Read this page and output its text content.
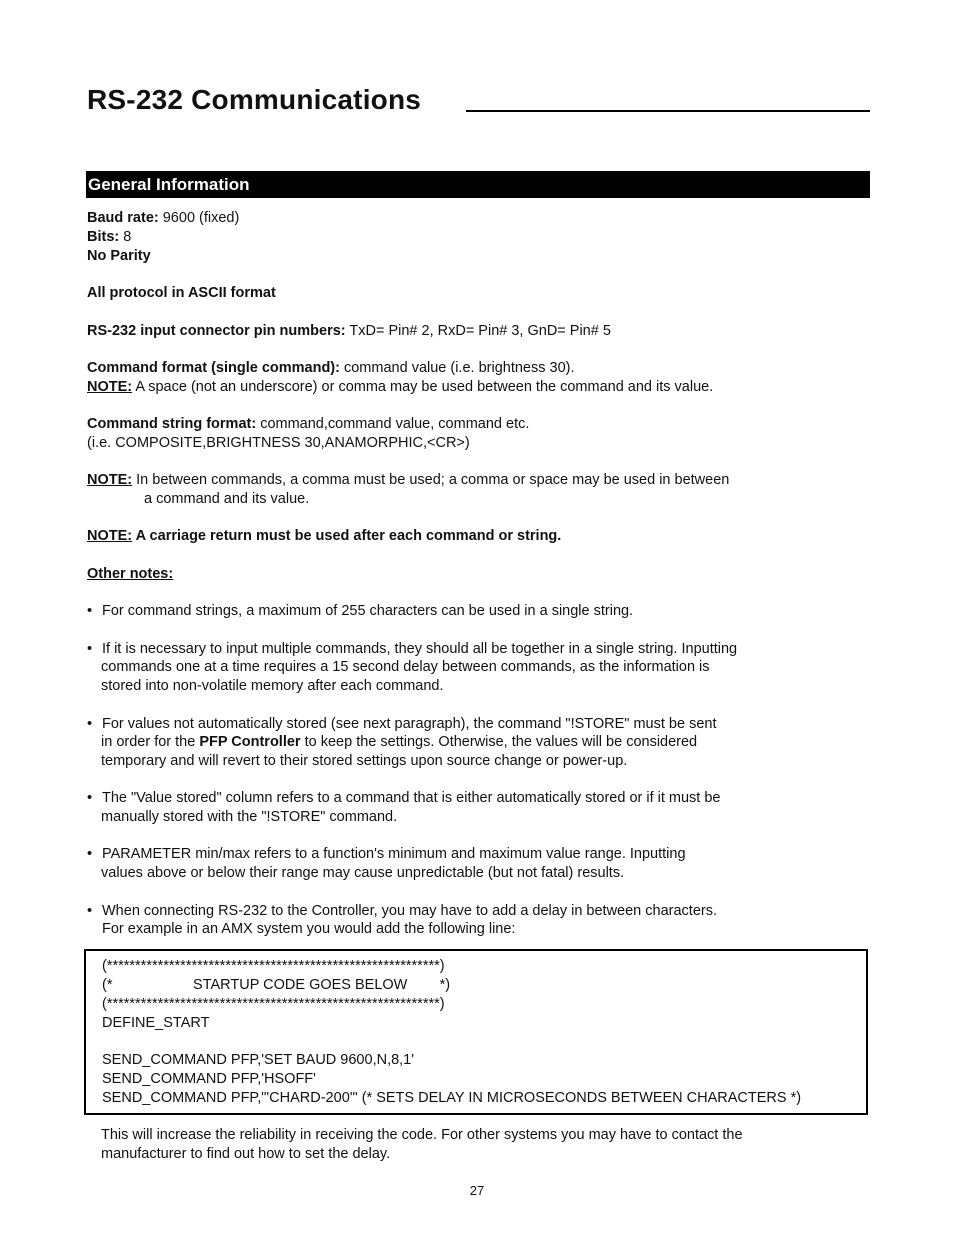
RS-232 Communications
General Information
Baud rate: 9600 (fixed)
Bits: 8
No Parity
All protocol in ASCII format
RS-232 input connector pin numbers: TxD= Pin# 2, RxD= Pin# 3, GnD= Pin# 5
Command format (single command): command value (i.e. brightness 30).
NOTE: A space (not an underscore) or comma may be used between the command and its value.
Command string format: command,command value, command etc.
(i.e. COMPOSITE,BRIGHTNESS 30,ANAMORPHIC,<CR>)
NOTE: In between commands, a comma must be used; a comma or space may be used in between
a command and its value.
NOTE: A carriage return must be used after each command or string.
Other notes:
• For command strings, a maximum of 255 characters can be used in a single string.
• If it is necessary to input multiple commands, they should all be together in a single string. Inputting
commands one at a time requires a 15 second delay between commands, as the information is
stored into non-volatile memory after each command.
• For values not automatically stored (see next paragraph), the command "!STORE" must be sent
in order for the PFP Controller to keep the settings. Otherwise, the values will be considered
temporary and will revert to their stored settings upon source change or power-up.
• The "Value stored" column refers to a command that is either automatically stored or if it must be
manually stored with the "!STORE" command.
• PARAMETER min/max refers to a function's minimum and maximum value range. Inputting
values above or below their range may cause unpredictable (but not fatal) results.
• When connecting RS-232 to the Controller, you may have to add a delay in between characters.
For example in an AMX system you would add the following line:
(***********************************************************)
(*                    STARTUP CODE GOES BELOW        *)
(***********************************************************)
DEFINE_START
SEND_COMMAND PFP,'SET BAUD 9600,N,8,1'
SEND_COMMAND PFP,'HSOFF'
SEND_COMMAND PFP,"'CHARD-200'" (* SETS DELAY IN MICROSECONDS BETWEEN CHARACTERS *)
This will increase the reliability in receiving the code. For other systems you may have to contact the
manufacturer to find out how to set the delay.
27
